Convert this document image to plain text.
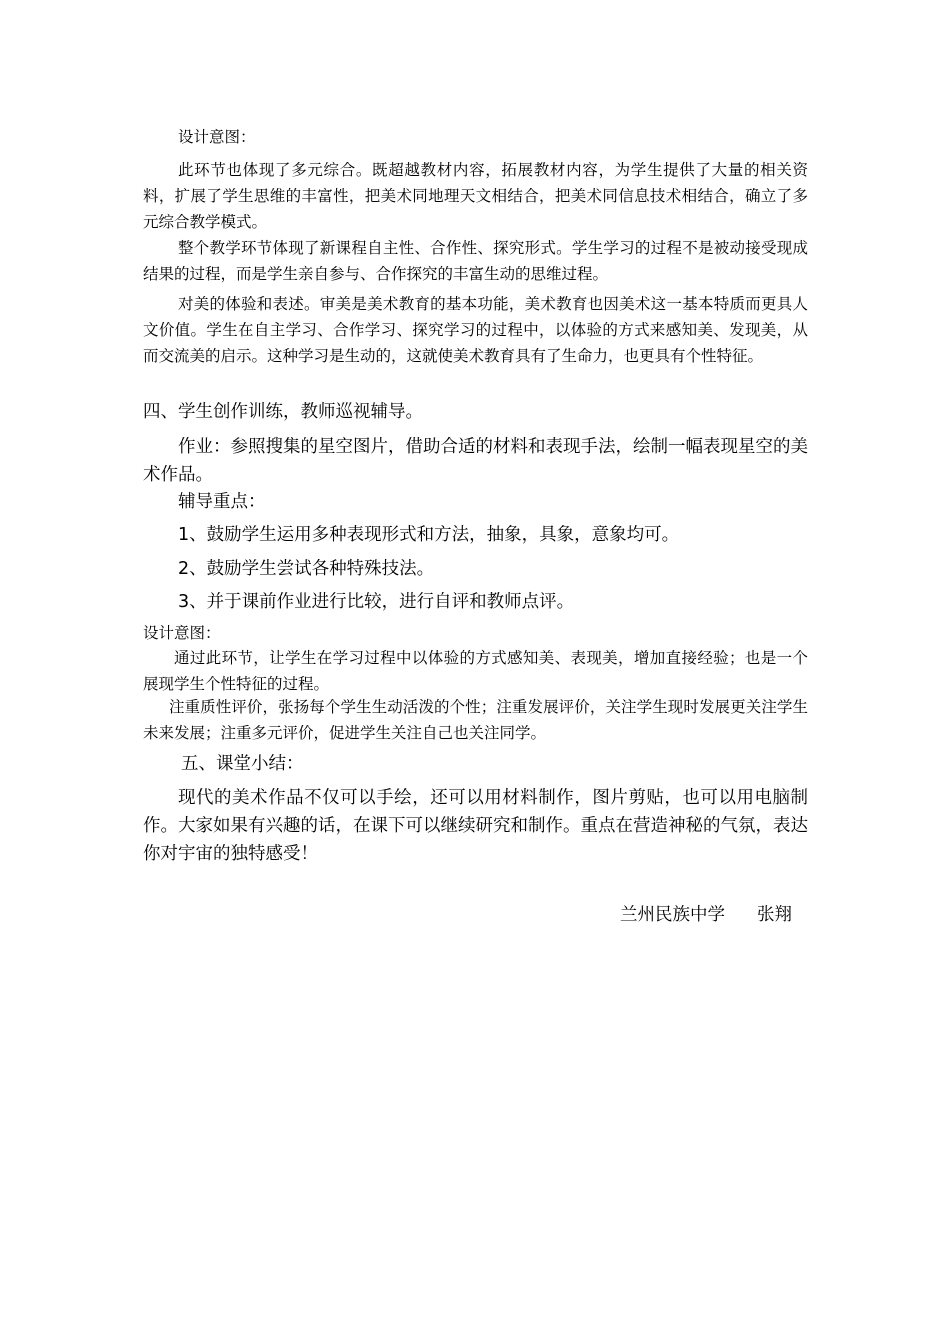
设计意图：

此环节也体现了多元综合。既超越教材内容，拓展教材内容，为学生提供了大量的相关资料，扩展了学生思维的丰富性，把美术同地理天文相结合，把美术同信息技术相结合，确立了多元综合教学模式。

整个教学环节体现了新课程自主性、合作性、探究形式。学生学习的过程不是被动接受现成结果的过程，而是学生亲自参与、合作探究的丰富生动的思维过程。

对美的体验和表述。审美是美术教育的基本功能，美术教育也因美术这一基本特质而更具人文价值。学生在自主学习、合作学习、探究学习的过程中，以体验的方式来感知美、发现美，从而交流美的启示。这种学习是生动的，这就使美术教育具有了生命力，也更具有个性特征。

四、学生创作训练，教师巡视辅导。

作业：参照搜集的星空图片，借助合适的材料和表现手法，绘制一幅表现星空的美术作品。

辅导重点：

1、鼓励学生运用多种表现形式和方法，抽象，具象，意象均可。

2、鼓励学生尝试各种特殊技法。

3、并于课前作业进行比较，进行自评和教师点评。

设计意图：

通过此环节，让学生在学习过程中以体验的方式感知美、表现美，增加直接经验；也是一个展现学生个性特征的过程。

注重质性评价，张扬每个学生生动活泼的个性；注重发展评价，关注学生现时发展更关注学生未来发展；注重多元评价，促进学生关注自己也关注同学。

五、课堂小结：

现代的美术作品不仅可以手绘，还可以用材料制作，图片剪贴，也可以用电脑制作。大家如果有兴趣的话，在课下可以继续研究和制作。重点在营造神秘的气氛，表达你对宇宙的独特感受！

兰州民族中学 张翔
